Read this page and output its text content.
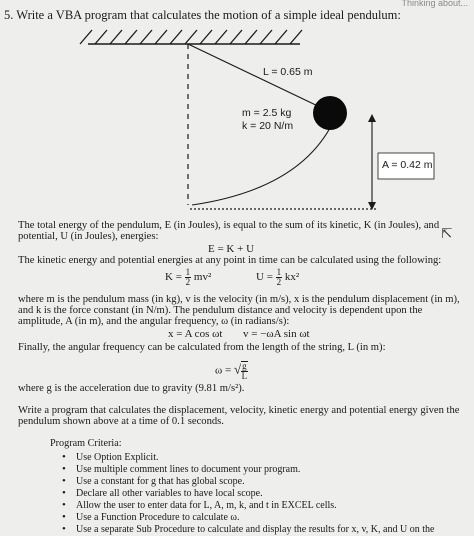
Thinking about...
5. Write a VBA program that calculates the motion of a simple ideal pendulum:
L = 0.65 m
m = 2.5 kg
k = 20 N/m
A = 0.42 m
The total energy of the pendulum, E (in Joules), is equal to the sum of its kinetic, K (in Joules), and
potential, U (in Joules), energies:	⇱
E = K + U
The kinetic energy and potential energies at any point in time can be calculated using the following:
$K = \frac{1}{2} mv^2$	$U = \frac{1}{2} kx^2$
where m is the pendulum mass (in kg), v is the velocity (in m/s), x is the pendulum displacement (in m),
and k is the force constant (in N/m). The pendulum distance and velocity is dependent upon the
amplitude, A (in m), and the angular frequency, ω (in radians/s):
x = A cos ωt v = −ωA sin ωt
Finally, the angular frequency can be calculated from the length of the string, L (in m):
ω = √ $\frac{g}{L}$
where g is the acceleration due to gravity (9.81 m/s²).
Write a program that calculates the displacement, velocity, kinetic energy and potential energy given the
pendulum shown above at a time of 0.1 seconds.
Program Criteria:
• Use Option Explicit.
• Use multiple comment lines to document your program.
• Use a constant for g that has global scope.
• Declare all other variables to have local scope.
• Allow the user to enter data for L, A, m, k, and t in EXCEL cells.
• Use a Function Procedure to calculate ω.
• Use a separate Sub Procedure to calculate and display the results for x, v, K, and U on the
